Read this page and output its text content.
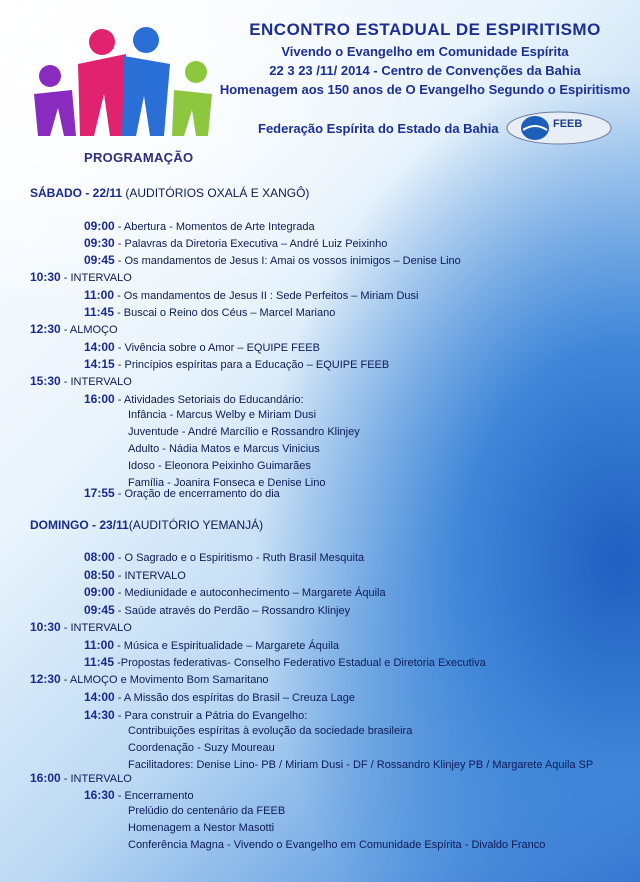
PROGRAMAÇÃO
ENCONTRO ESTADUAL DE ESPIRITISMO
Vivendo o Evangelho em Comunidade Espírita
22 3 23 /11/ 2014 - Centro de Convenções da Bahia
Homenagem aos 150 anos de O Evangelho Segundo o Espiritismo
Federação Espírita do Estado da Bahia	FEEB
SÁBADO - 22/11 (AUDITÓRIOS OXALÁ E XANGÔ)
09:00 - Abertura - Momentos de Arte Integrada
09:30 - Palavras da Diretoria Executiva – André Luiz Peixinho
09:45 - Os mandamentos de Jesus I: Amai os vossos inimigos – Denise Lino
10:30 - INTERVALO
11:00 - Os mandamentos de Jesus II : Sede Perfeitos – Miriam Dusi
11:45 - Buscai o Reino dos Céus – Marcel Mariano
12:30 - ALMOÇO
14:00 - Vivência sobre o Amor – EQUIPE FEEB
14:15 - Princípios espíritas para a Educação – EQUIPE FEEB
15:30 - INTERVALO
16:00 - Atividades Setoriais do Educandário:
Infância - Marcus Welby e Miriam Dusi
Juventude - André Marcílio e Rossandro Klinjey
Adulto - Nádia Matos e Marcus Vinicius
Idoso - Eleonora Peixinho Guimarães
Família - Joanira Fonseca e Denise Lino
17:55 - Oração de encerramento do dia
DOMINGO - 23/11(AUDITÓRIO YEMANJÁ)
08:00 - O Sagrado e o Espiritismo - Ruth Brasil Mesquita
08:50 - INTERVALO
09:00 - Mediunidade e autoconhecimento – Margarete Áquila
09:45 - Saúde através do Perdão – Rossandro Klinjey
10:30 - INTERVALO
11:00 - Música e Espiritualidade – Margarete Áquila
11:45 -Propostas federativas- Conselho Federativo Estadual e Diretoria Executiva
12:30 - ALMOÇO e Movimento Bom Samaritano
14:00 - A Missão dos espíritas do Brasil – Creuza Lage
14:30 - Para construir a Pátria do Evangelho:
Contribuições espíritas à evolução da sociedade brasileira
Coordenação - Suzy Moureau
Facilitadores: Denise Lino- PB / Miriam Dusi - DF / Rossandro Klinjey PB / Margarete Aquila SP
16:00 - INTERVALO
16:30 - Encerramento
Prelúdio do centenário da FEEB
Homenagem a Nestor Masotti
Conferência Magna - Vivendo o Evangelho em Comunidade Espírita - Divaldo Franco
